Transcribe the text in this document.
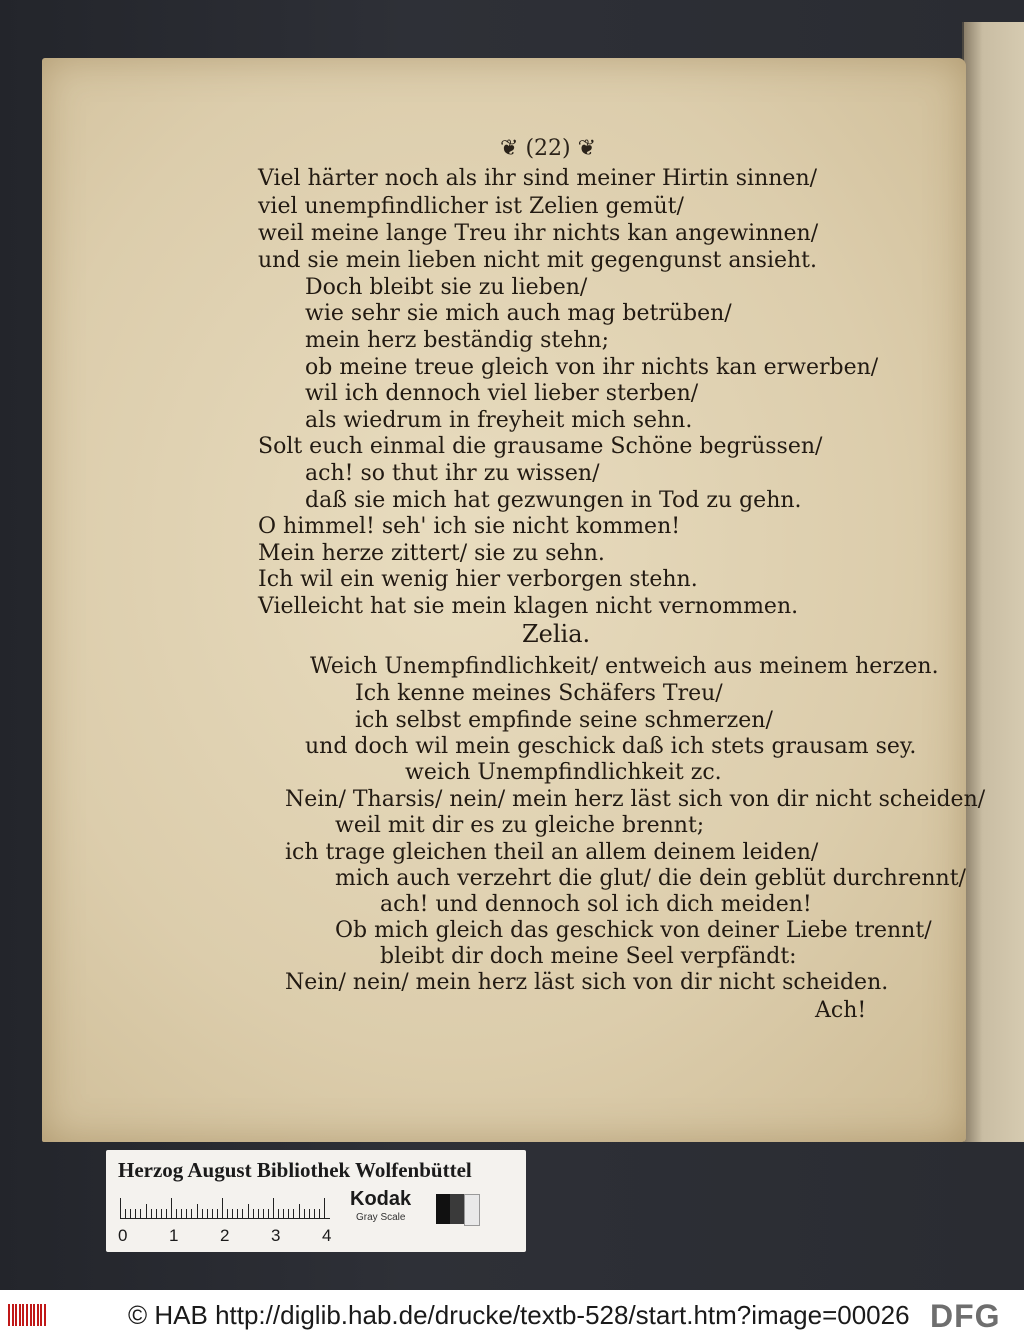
❦ (22) ❦
Viel härter noch als ihr sind meiner Hirtin sinnen/
viel unempfindlicher ist Zelien gemüt/
weil meine lange Treu ihr nichts kan angewinnen/
und sie mein lieben nicht mit gegengunst ansieht.
Doch bleibt sie zu lieben/
wie sehr sie mich auch mag betrüben/
mein herz beständig stehn;
ob meine treue gleich von ihr nichts kan erwerben/
wil ich dennoch viel lieber sterben/
als wiedrum in freyheit mich sehn.
Solt euch einmal die grausame Schöne begrüssen/
ach! so thut ihr zu wissen/
daß sie mich hat gezwungen in Tod zu gehn.
O himmel! seh' ich sie nicht kommen!
Mein herze zittert/ sie zu sehn.
Ich wil ein wenig hier verborgen stehn.
Vielleicht hat sie mein klagen nicht vernommen.
Zelia.
Weich Unempfindlichkeit/ entweich aus meinem herzen.
Ich kenne meines Schäfers Treu/
ich selbst empfinde seine schmerzen/
und doch wil mein geschick daß ich stets grausam sey.
weich Unempfindlichkeit zc.
Nein/ Tharsis/ nein/ mein herz läst sich von dir nicht scheiden/
weil mit dir es zu gleiche brennt;
ich trage gleichen theil an allem deinem leiden/
mich auch verzehrt die glut/ die dein geblüt durchrennt/
ach! und dennoch sol ich dich meiden!
Ob mich gleich das geschick von deiner Liebe trennt/
bleibt dir doch meine Seel verpfändt:
Nein/ nein/ mein herz läst sich von dir nicht scheiden.
Ach!
Herzog August Bibliothek Wolfenbüttel
0 1 2 3 4
Kodak
Gray Scale
© HAB http://diglib.hab.de/drucke/textb-528/start.htm?image=00026 DFG
